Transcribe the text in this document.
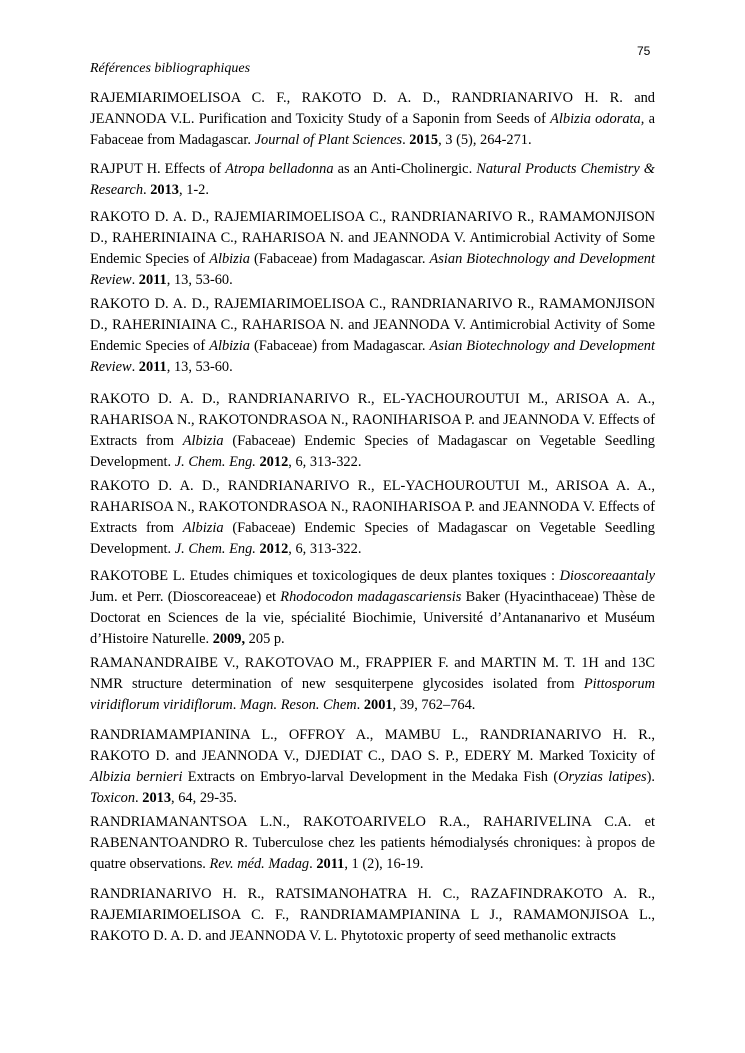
75
Références bibliographiques

RAJEMIARIMOELISOA C. F., RAKOTO D. A. D., RANDRIANARIVO H. R. and JEANNODA V.L. Purification and Toxicity Study of a Saponin from Seeds of Albizia odorata, a Fabaceae from Madagascar. Journal of Plant Sciences. 2015, 3 (5), 264-271.

RAJPUT H. Effects of Atropa belladonna as an Anti-Cholinergic. Natural Products Chemistry & Research. 2013, 1-2.

RAKOTO D. A. D., RAJEMIARIMOELISOA C., RANDRIANARIVO R., RAMAMONJISON D., RAHERINIAINA C., RAHARISOA N. and JEANNODA V. Antimicrobial Activity of Some Endemic Species of Albizia (Fabaceae) from Madagascar. Asian Biotechnology and Development Review. 2011, 13, 53-60.

RAKOTO D. A. D., RAJEMIARIMOELISOA C., RANDRIANARIVO R., RAMAMONJISON D., RAHERINIAINA C., RAHARISOA N. and JEANNODA V. Antimicrobial Activity of Some Endemic Species of Albizia (Fabaceae) from Madagascar. Asian Biotechnology and Development Review. 2011, 13, 53-60.

RAKOTO D. A. D., RANDRIANARIVO R., EL-YACHOUROUTUI M., ARISOA A. A., RAHARISOA N., RAKOTONDRASOA N., RAONIHARISOA P. and JEANNODA V. Effects of Extracts from Albizia (Fabaceae) Endemic Species of Madagascar on Vegetable Seedling Development. J. Chem. Eng. 2012, 6, 313-322.

RAKOTO D. A. D., RANDRIANARIVO R., EL-YACHOUROUTUI M., ARISOA A. A., RAHARISOA N., RAKOTONDRASOA N., RAONIHARISOA P. and JEANNODA V. Effects of Extracts from Albizia (Fabaceae) Endemic Species of Madagascar on Vegetable Seedling Development. J. Chem. Eng. 2012, 6, 313-322.

RAKOTOBE L. Etudes chimiques et toxicologiques de deux plantes toxiques : Dioscoreaantaly Jum. et Perr. (Dioscoreaceae) et Rhodocodon madagascariensis Baker (Hyacinthaceae) Thèse de Doctorat en Sciences de la vie, spécialité Biochimie, Université d’Antananarivo et Muséum d’Histoire Naturelle. 2009, 205 p.

RAMANANDRAIBE V., RAKOTOVAO M., FRAPPIER F. and MARTIN M. T. 1H and 13C NMR structure determination of new sesquiterpene glycosides isolated from Pittosporum viridiflorum viridiflorum. Magn. Reson. Chem. 2001, 39, 762–764.

RANDRIAMAMPIANINA L., OFFROY A., MAMBU L., RANDRIANARIVO H. R., RAKOTO D. and JEANNODA V., DJEDIAT C., DAO S. P., EDERY M. Marked Toxicity of Albizia bernieri Extracts on Embryo-larval Development in the Medaka Fish (Oryzias latipes). Toxicon. 2013, 64, 29-35.

RANDRIAMANANTSOA L.N., RAKOTOARIVELO R.A., RAHARIVELINA C.A. et RABENANTOANDRO R. Tuberculose chez les patients hémodialysés chroniques: à propos de quatre observations. Rev. méd. Madag. 2011, 1 (2), 16-19.

RANDRIANARIVO H. R., RATSIMANOHATRA H. C., RAZAFINDRAKOTO A. R., RAJEMIARIMOELISOA C. F., RANDRIAMAMPIANINA L J., RAMAMONJISOA L., RAKOTO D. A. D. and JEANNODA V. L. Phytotoxic property of seed methanolic extracts
